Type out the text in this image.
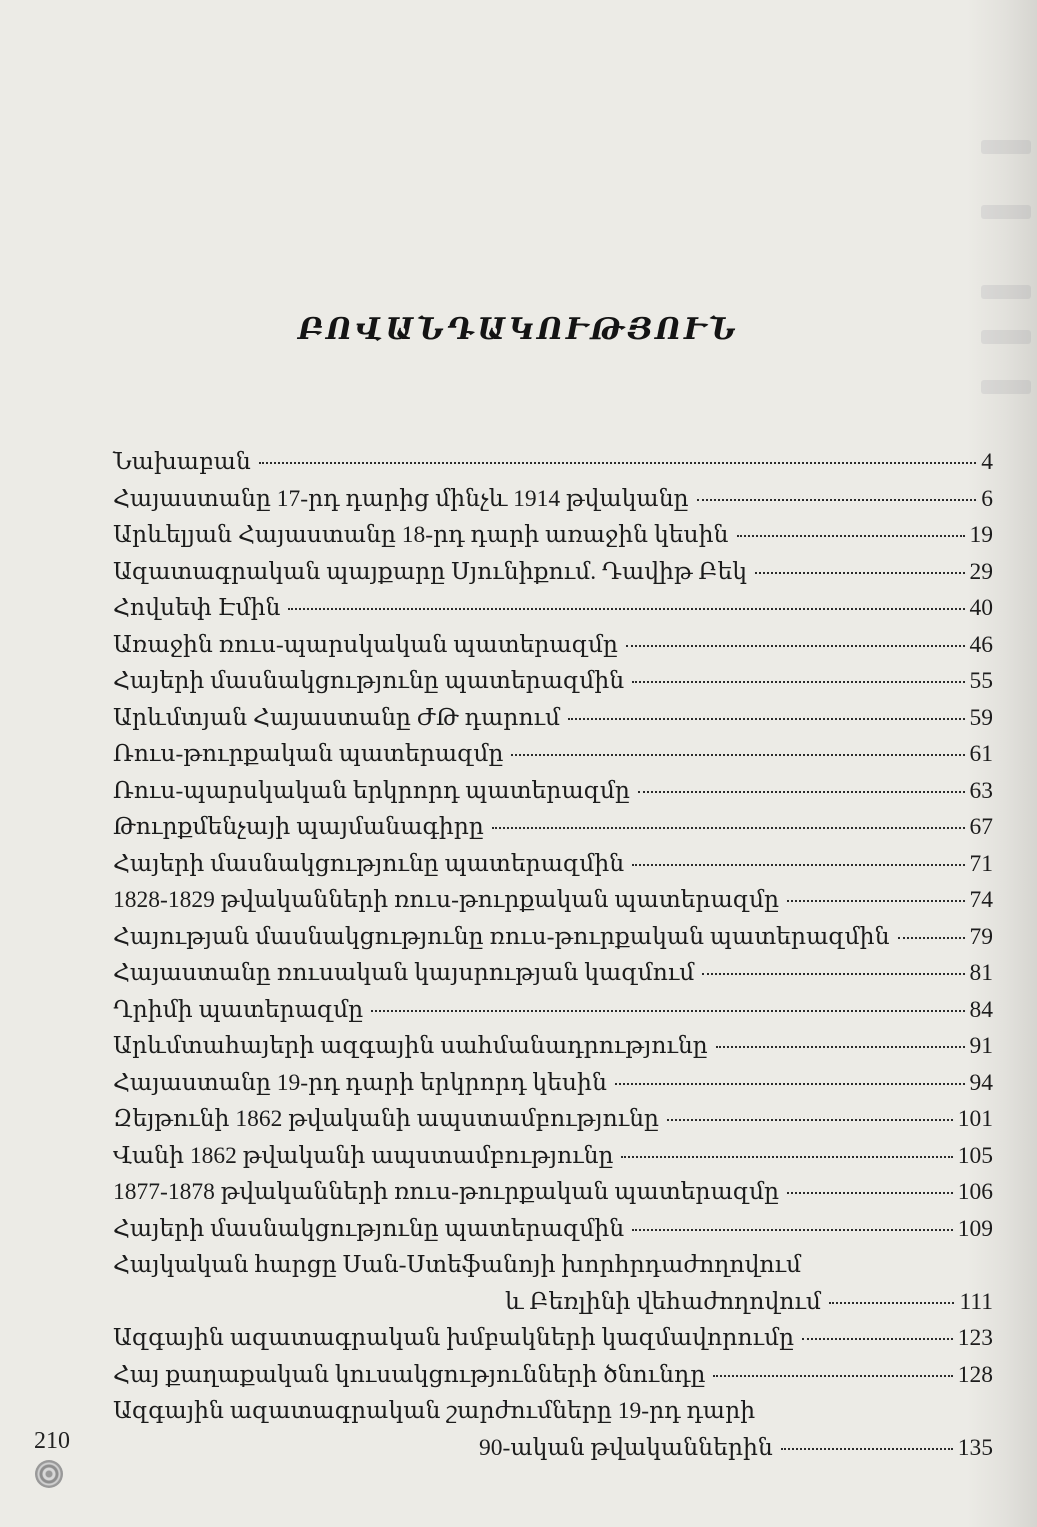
ԲՈՎԱՆԴԱԿՈՒԹՅՈՒՆ
Նախաբան	4
Հայաստանը 17-րդ դարից մինչև 1914 թվականը	6
Արևելյան Հայաստանը 18-րդ դարի առաջին կեսին	19
Ազատագրական պայքարը Սյունիքում. Դավիթ Բեկ	29
Հովսեփ Էմին	40
Առաջին ռուս-պարսկական պատերազմը	46
Հայերի մասնակցությունը պատերազմին	55
Արևմտյան Հայաստանը ԺԹ դարում	59
Ռուս-թուրքական պատերազմը	61
Ռուս-պարսկական երկրորդ պատերազմը	63
Թուրքմենչայի պայմանագիրը	67
Հայերի մասնակցությունը պատերազմին	71
1828-1829 թվականների ռուս-թուրքական պատերազմը	74
Հայության մասնակցությունը ռուս-թուրքական պատերազմին	79
Հայաստանը ռուսական կայսրության կազմում	81
Ղրիմի պատերազմը	84
Արևմտահայերի ազգային սահմանադրությունը	91
Հայաստանը 19-րդ դարի երկրորդ կեսին	94
Զեյթունի 1862 թվականի ապստամբությունը	101
Վանի 1862 թվականի ապստամբությունը	105
1877-1878 թվականների ռուս-թուրքական պատերազմը	106
Հայերի մասնակցությունը պատերազմին	109
Հայկական հարցը Սան-Ստեֆանոյի խորհրդաժողովում
և Բեռլինի վեհաժողովում	111
Ազգային ազատագրական խմբակների կազմավորումը	123
Հայ քաղաքական կուսակցությունների ծնունդը	128
Ազգային ազատագրական շարժումները 19-րդ դարի
90-ական թվականներին	135
210
